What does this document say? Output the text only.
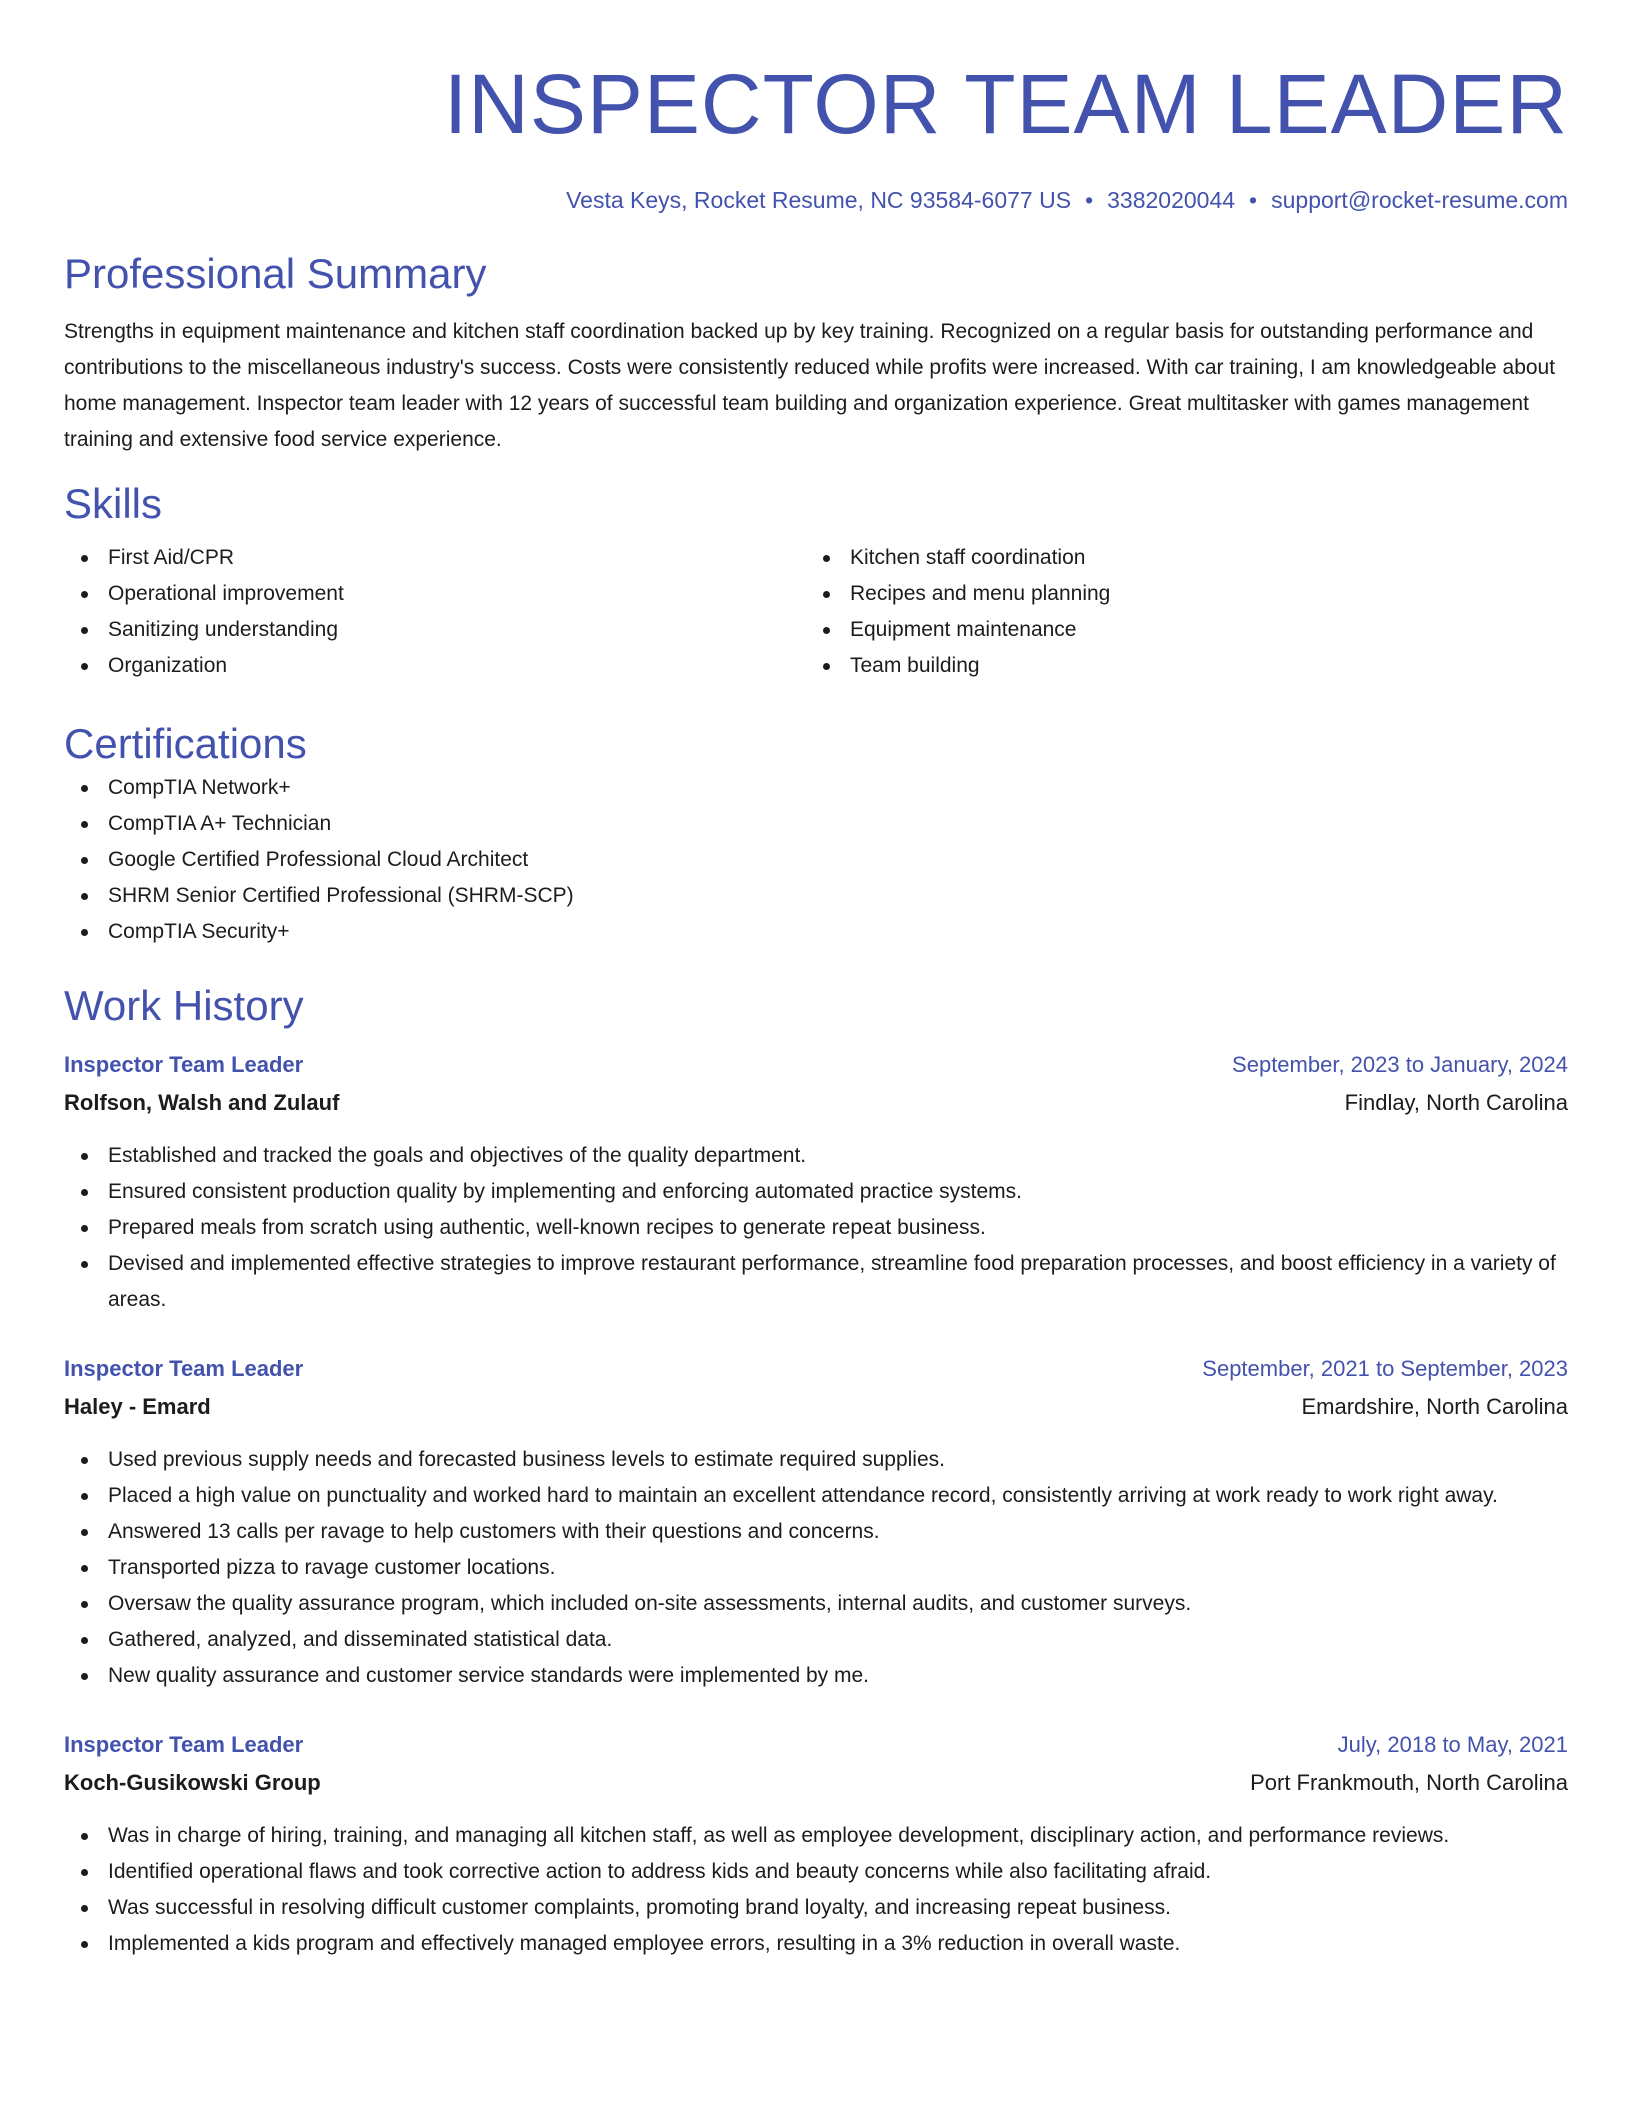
INSPECTOR TEAM LEADER
Vesta Keys, Rocket Resume, NC 93584-6077 US • 3382020044 • support@rocket-resume.com
Professional Summary
Strengths in equipment maintenance and kitchen staff coordination backed up by key training. Recognized on a regular basis for outstanding performance and contributions to the miscellaneous industry's success. Costs were consistently reduced while profits were increased. With car training, I am knowledgeable about home management. Inspector team leader with 12 years of successful team building and organization experience. Great multitasker with games management training and extensive food service experience.
Skills
First Aid/CPR
Operational improvement
Sanitizing understanding
Organization
Kitchen staff coordination
Recipes and menu planning
Equipment maintenance
Team building
Certifications
CompTIA Network+
CompTIA A+ Technician
Google Certified Professional Cloud Architect
SHRM Senior Certified Professional (SHRM-SCP)
CompTIA Security+
Work History
Inspector Team Leader	September, 2023 to January, 2024
Rolfson, Walsh and Zulauf	Findlay, North Carolina
Established and tracked the goals and objectives of the quality department.
Ensured consistent production quality by implementing and enforcing automated practice systems.
Prepared meals from scratch using authentic, well-known recipes to generate repeat business.
Devised and implemented effective strategies to improve restaurant performance, streamline food preparation processes, and boost efficiency in a variety of areas.
Inspector Team Leader	September, 2021 to September, 2023
Haley - Emard	Emardshire, North Carolina
Used previous supply needs and forecasted business levels to estimate required supplies.
Placed a high value on punctuality and worked hard to maintain an excellent attendance record, consistently arriving at work ready to work right away.
Answered 13 calls per ravage to help customers with their questions and concerns.
Transported pizza to ravage customer locations.
Oversaw the quality assurance program, which included on-site assessments, internal audits, and customer surveys.
Gathered, analyzed, and disseminated statistical data.
New quality assurance and customer service standards were implemented by me.
Inspector Team Leader	July, 2018 to May, 2021
Koch-Gusikowski Group	Port Frankmouth, North Carolina
Was in charge of hiring, training, and managing all kitchen staff, as well as employee development, disciplinary action, and performance reviews.
Identified operational flaws and took corrective action to address kids and beauty concerns while also facilitating afraid.
Was successful in resolving difficult customer complaints, promoting brand loyalty, and increasing repeat business.
Implemented a kids program and effectively managed employee errors, resulting in a 3% reduction in overall waste.
